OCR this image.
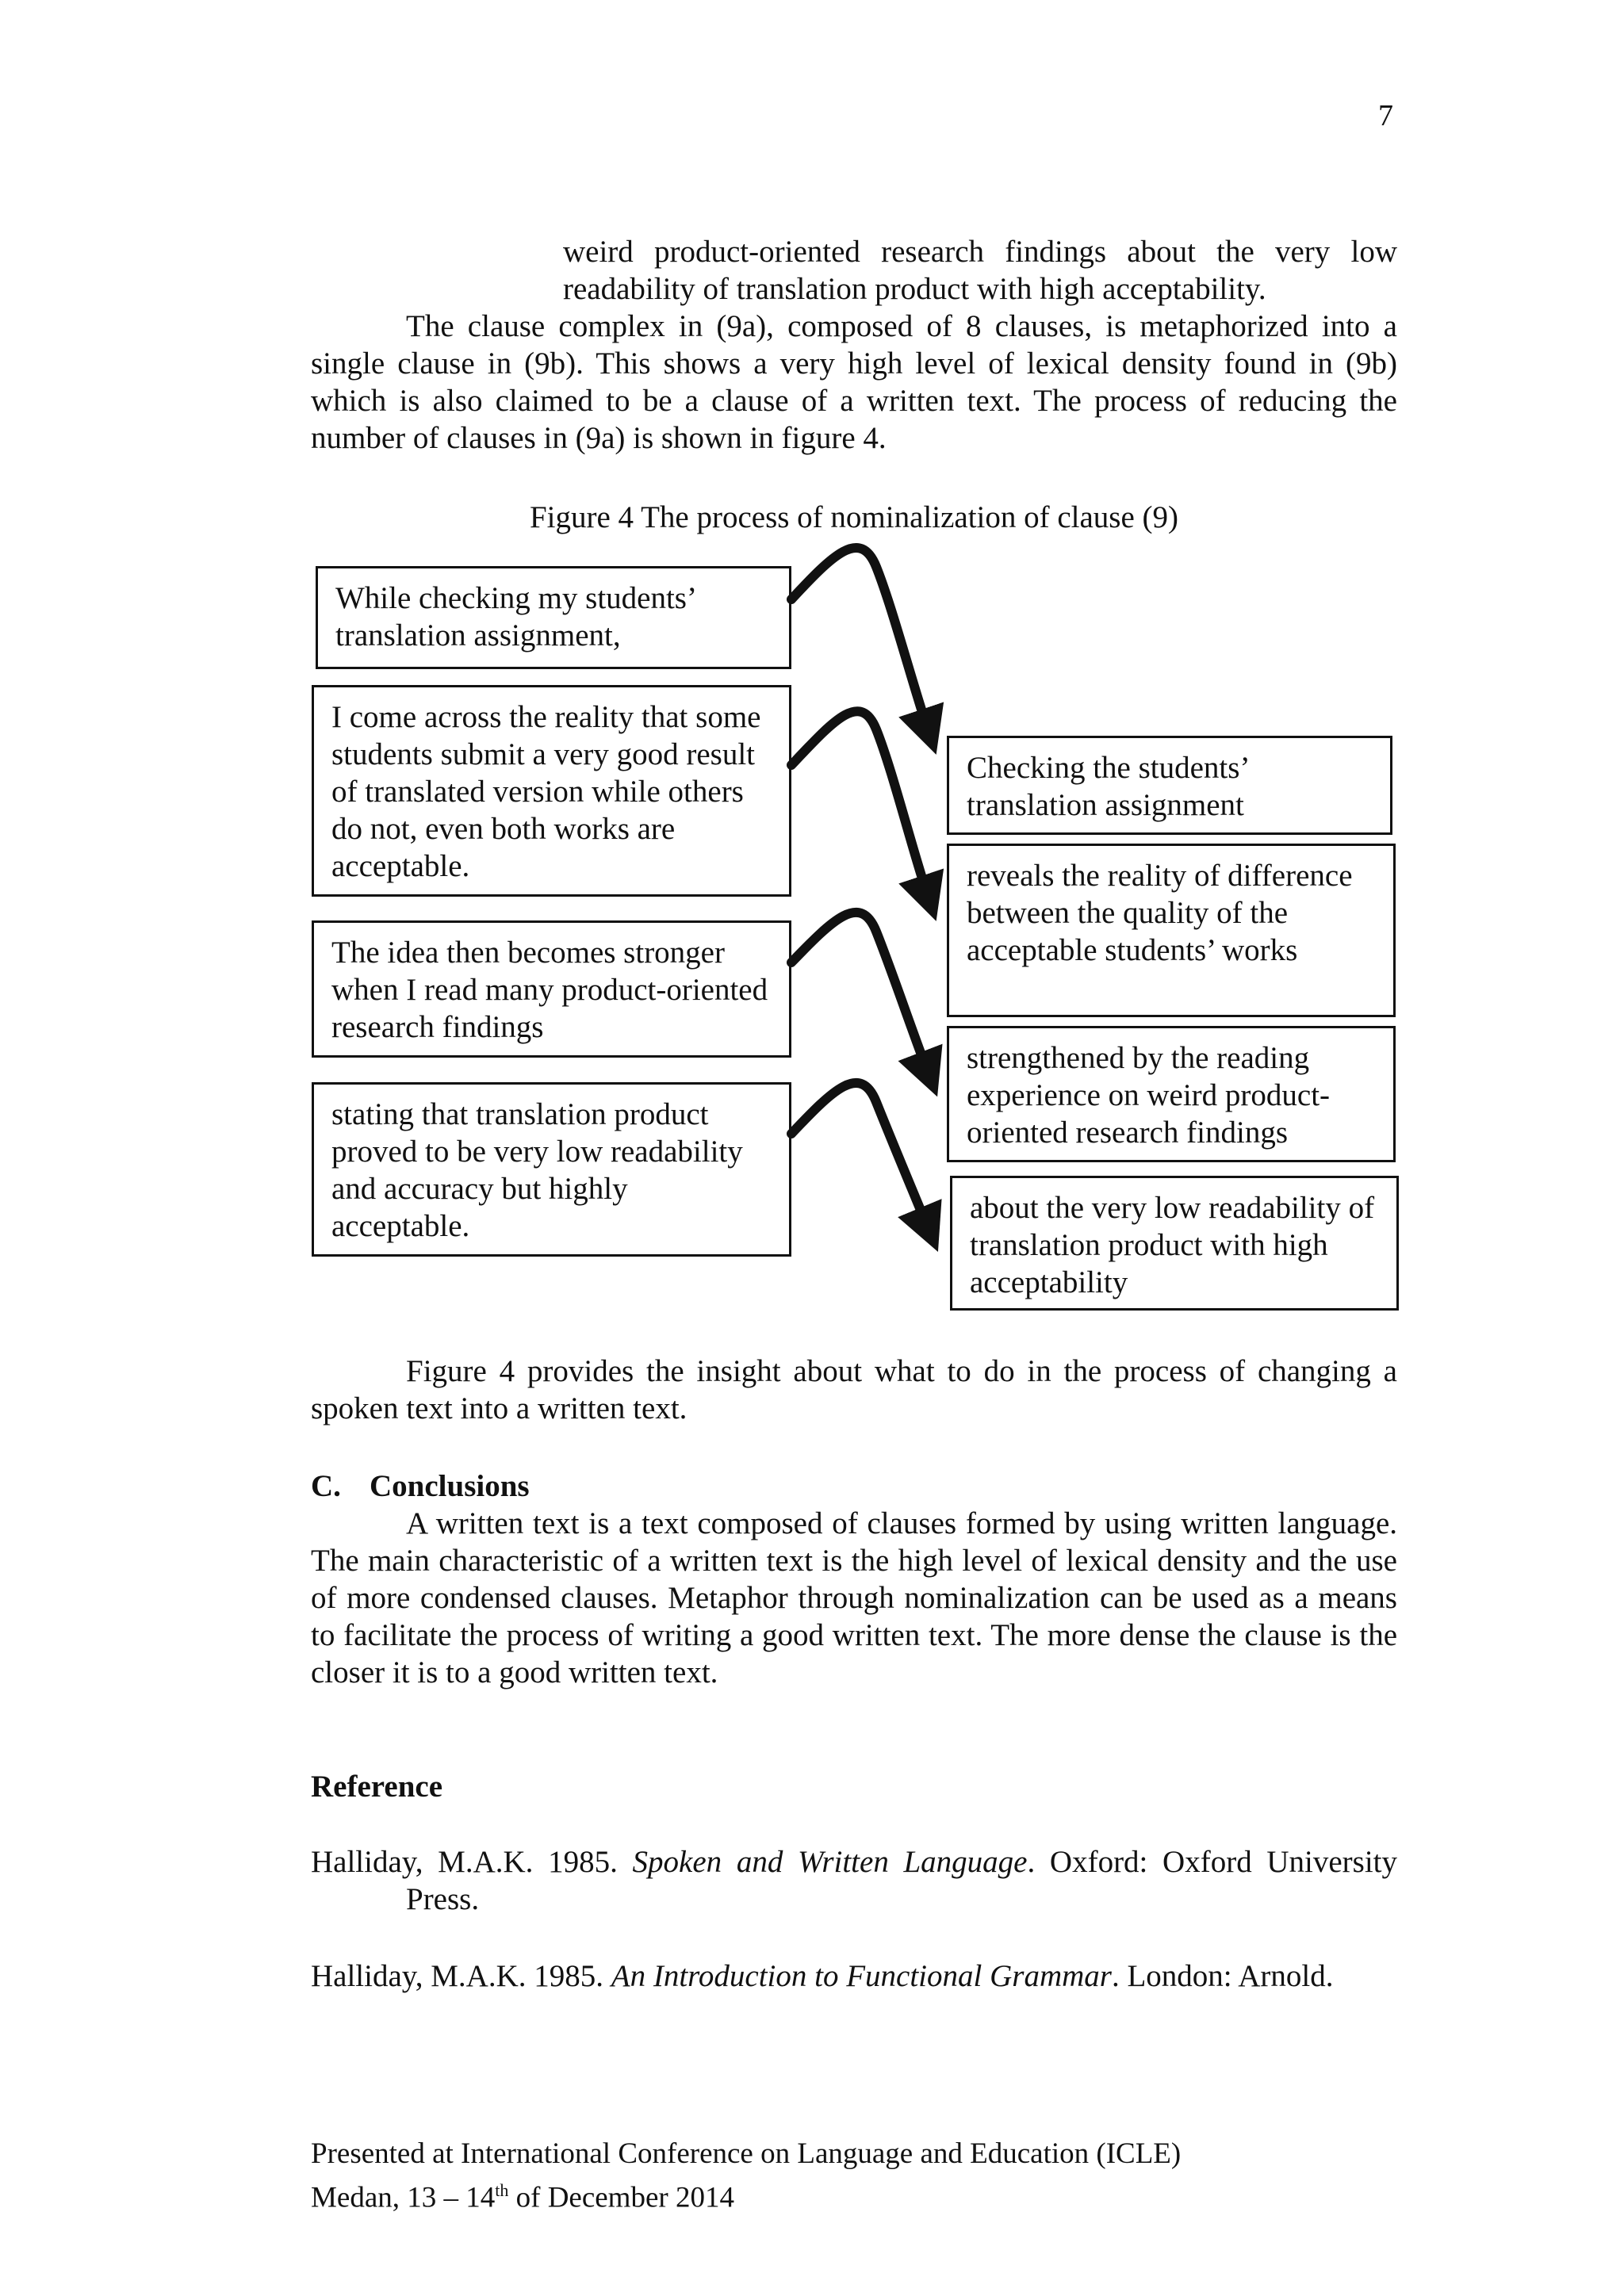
7

weird product-oriented research findings about the very low readability of translation product with high acceptability.

The clause complex in (9a), composed of 8 clauses, is metaphorized into a single clause in (9b). This shows a very high level of lexical density found in (9b) which is also claimed to be a clause of a written text. The process of reducing the number of clauses in (9a) is shown in figure 4.

Figure 4 The process of nominalization of clause (9)
While checking my students’ translation assignment,
I come across the reality that some students submit a very good result of translated version while others do not, even both works are acceptable.
The idea then becomes stronger when I read many product-oriented research findings
stating that translation product proved to be very low readability and accuracy but highly acceptable.
Checking the students’ translation assignment
reveals the reality of difference between the quality of the acceptable students’ works
strengthened by the reading experience on weird product-oriented research findings
about the very low readability of translation product with high acceptability

Figure 4 provides the insight about what to do in the process of changing a spoken text into a written text.

C. Conclusions

A written text is a text composed of clauses formed by using written language. The main characteristic of a written text is the high level of lexical density and the use of more condensed clauses. Metaphor through nominalization can be used as a means to facilitate the process of writing a good written text. The more dense the clause is the closer it is to a good written text.

Reference
Halliday, M.A.K. 1985. Spoken and Written Language. Oxford: Oxford University Press.
Halliday, M.A.K. 1985. An Introduction to Functional Grammar. London: Arnold.
Presented at International Conference on Language and Education (ICLE)
Medan, 13 – 14th of December 2014
